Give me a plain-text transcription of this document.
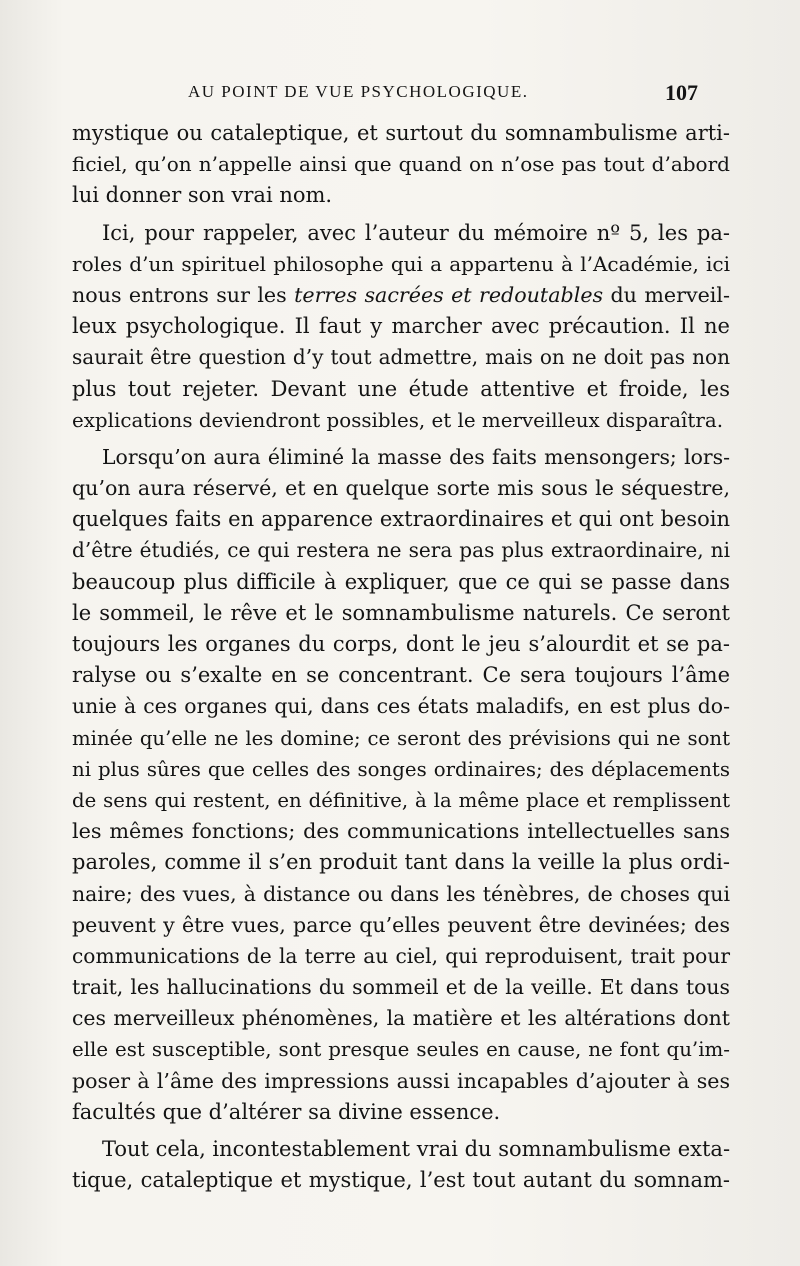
AU POINT DE VUE PSYCHOLOGIQUE.	107
mystique ou cataleptique, et surtout du somnambulisme arti-
ficiel, qu’on n’appelle ainsi que quand on n’ose pas tout d’abord
lui donner son vrai nom.
Ici, pour rappeler, avec l’auteur du mémoire nº 5, les pa-
roles d’un spirituel philosophe qui a appartenu à l’Académie, ici
nous entrons sur les terres sacrées et redoutables du merveil-
leux psychologique. Il faut y marcher avec précaution. Il ne
saurait être question d’y tout admettre, mais on ne doit pas non
plus tout rejeter. Devant une étude attentive et froide, les
explications deviendront possibles, et le merveilleux disparaîtra.
Lorsqu’on aura éliminé la masse des faits mensongers; lors-
qu’on aura réservé, et en quelque sorte mis sous le séquestre,
quelques faits en apparence extraordinaires et qui ont besoin
d’être étudiés, ce qui restera ne sera pas plus extraordinaire, ni
beaucoup plus difficile à expliquer, que ce qui se passe dans
le sommeil, le rêve et le somnambulisme naturels. Ce seront
toujours les organes du corps, dont le jeu s’alourdit et se pa-
ralyse ou s’exalte en se concentrant. Ce sera toujours l’âme
unie à ces organes qui, dans ces états maladifs, en est plus do-
minée qu’elle ne les domine; ce seront des prévisions qui ne sont
ni plus sûres que celles des songes ordinaires; des déplacements
de sens qui restent, en définitive, à la même place et remplissent
les mêmes fonctions; des communications intellectuelles sans
paroles, comme il s’en produit tant dans la veille la plus ordi-
naire; des vues, à distance ou dans les ténèbres, de choses qui
peuvent y être vues, parce qu’elles peuvent être devinées; des
communications de la terre au ciel, qui reproduisent, trait pour
trait, les hallucinations du sommeil et de la veille. Et dans tous
ces merveilleux phénomènes, la matière et les altérations dont
elle est susceptible, sont presque seules en cause, ne font qu’im-
poser à l’âme des impressions aussi incapables d’ajouter à ses
facultés que d’altérer sa divine essence.
Tout cela, incontestablement vrai du somnambulisme exta-
tique, cataleptique et mystique, l’est tout autant du somnam-
